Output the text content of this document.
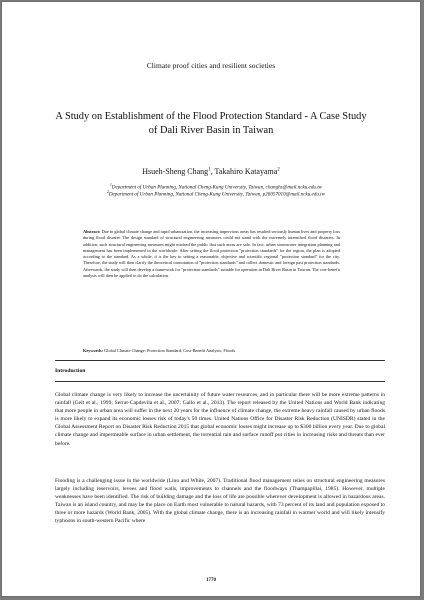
Climate proof cities and resilient societies
A Study on Establishment of the Flood Protection Standard - A Case Study of Dali River Basin in Taiwan
Hsueh-Sheng Chang$^1$, Takahiro Katayama$^2$
$^1$Department of Urban Planning, National Cheng-Kung University, Taiwan, changhs@mail.ncku.edu.tw
$^2$Department of Urban Planning, National Cheng-Kung University, Taiwan, p26057010@mail.ncku.edu.tw
Abstract: Due to global climate change and rapid urbanization, the increasing impervious areas has resulted seriously human lives and property loss during flood disaster. The design standard of structural engineering measures could not stand with the extremely intensified flood disasters. In addition, such structural engineering measures might mislead the public that such areas are safe. In fact, urban stormwater integration planning and management has been implemented in the worldwide. After setting the flood protection "protection standards" for the region, the plan is adopted according to the standard. As a whole, it is the key to setting a reasonable, objective and scientific regional "protection standard" for the city. Therefore, the study will then clarify the theoretical connotation of "protection standards" and collect domestic and foreign past protection standards. Afterwards, the study will then develop a framework for "protection standards" suitable for operation in Dali River Basin in Taiwan. The cost-benefit analysis will then be applied to do the calculation.
Keywords: Global Climate Change; Protection Standard; Cost-Benefit Analysis; Floods
Introduction
Global climate change is very likely to increase the uncertainity of future water resources, and in particular there will be more extreme patterns in rainfall (Gelt et al., 1999; Serrat-Capdevila et al., 2007; Gallo et al., 2013). The report released by the United Nations and World Bank indicating that more people in urban area will suffer in the next 20 years for the influence of climate change, the extreme heavy rainfall caused by urban floods is more likely to expand its economic losses risk of today's 50 times. United Nations Office for Disaster Risk Reduction (UNISDR) stated in the Global Assessment Report on Disaster Risk Reduction 2015 that global economic losses might increase up to $300 billion every year. Due to global climate change and impermeable surface in urban settlement, the torrential rain and surface runoff put cities in increasing risks and threats than ever before.
Flooding is a challenging issue in the worldwide (Linu and White, 2007). Traditional flood management relies on structural engineering measures largely including reservoirs, levees and flood walls, improvements to channels and the floodways (Thampapillai, 1985). However, multiple weaknesses have been identified. The risk of building damage and the loss of life are possible wherever development is allowed in hazardous areas. Taiwan is an island country, and may be the place on Earth most vulnerable to natural hazards, with 73 percent of its land and population exposed to three or more hazards (World Bank, 2005). With the global climate change, there is an increasing rainfall in warmer world and will likely intensify typhoons in south-western Pacific where
1770
